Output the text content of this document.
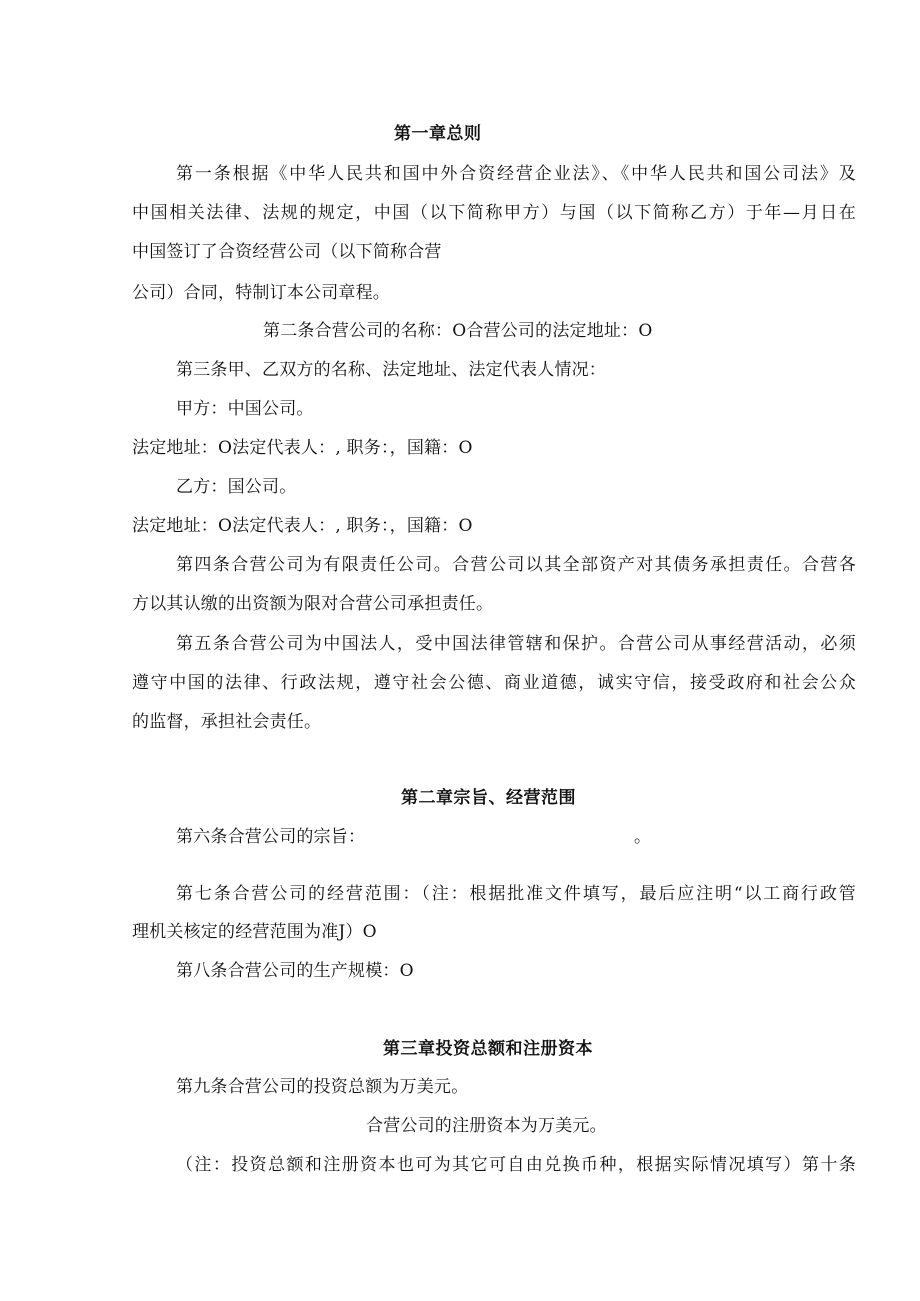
第一章总则
第一条根据《中华人民共和国中外合资经营企业法》、《中华人民共和国公司法》及
中国相关法律、法规的规定，中国（以下简称甲方）与国（以下简称乙方）于年—月日在
中国签订了合资经营公司（以下简称合营
公司）合同，特制订本公司章程。
第二条合营公司的名称：O合营公司的法定地址：O
第三条甲、乙双方的名称、法定地址、法定代表人情况：
甲方：中国公司。
法定地址：O法定代表人：, 职务：，国籍：O
乙方：国公司。
法定地址：O法定代表人：, 职务：，国籍：O
第四条合营公司为有限责任公司。合营公司以其全部资产对其债务承担责任。合营各
方以其认缴的出资额为限对合营公司承担责任。
第五条合营公司为中国法人，受中国法律管辖和保护。合营公司从事经营活动，必须
遵守中国的法律、行政法规，遵守社会公德、商业道德，诚实守信，接受政府和社会公众
的监督，承担社会责任。
第二章宗旨、经营范围
第六条合营公司的宗旨：	。
第七条合营公司的经营范围：（注：根据批准文件填写，最后应注明“以工商行政管
理机关核定的经营范围为准J）O
第八条合营公司的生产规模：O
第三章投资总额和注册资本
第九条合营公司的投资总额为万美元。
合营公司的注册资本为万美元。
（注：投资总额和注册资本也可为其它可自由兑换币种，根据实际情况填写）第十条
